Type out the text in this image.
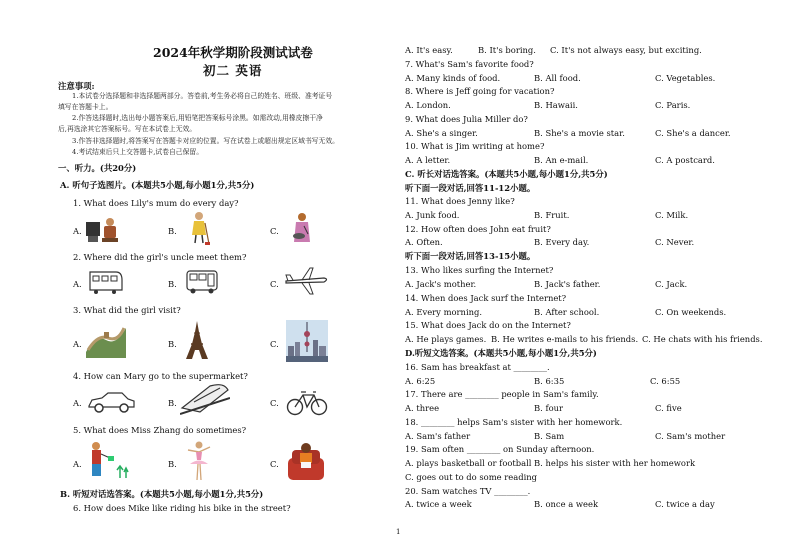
2024年秋学期阶段测试试卷
初二 英语
注意事项:
1.本试卷分选择题和非选择题两部分。答卷前,考生务必将自己的姓名、班级、准考证号
填写在答题卡上。
2.作答选择题时,选出每小题答案后,用铅笔把答案标号涂黑。如需改动,用橡皮擦干净
后,再选涂其它答案标号。写在本试卷上无效。
3.作答非选择题时,将答案写在答题卡对应的位置。写在试卷上或超出规定区域书写无效。
4.考试结束后只上交答题卡,试卷自己保留。
一、听力。(共20分)
A. 听句子选图片。(本题共5小题,每小题1分,共5分)
1. What does Lily's mum do every day?
A.	B.	C.
2. Where did the girl's uncle meet them?
A.	B.	C.
3. What did the girl visit?
A.	B.	C.
4. How can Mary go to the supermarket?
A.	B.	C.
5. What does Miss Zhang do sometimes?
A.	B.	C.
B. 听短对话选答案。(本题共5小题,每小题1分,共5分)
6. How does Mike like riding his bike in the street?
A. It's easy.	B. It's boring. C. It's not always easy, but exciting.
7. What's Sam's favorite food?
A. Many kinds of food.	B. All food.	C. Vegetables.
8. Where is Jeff going for vacation?
A. London.	B. Hawaii.	C. Paris.
9. What does Julia Miller do?
A. She's a singer.	B. She's a movie star.	C. She's a dancer.
10. What is Jim writing at home?
A. A letter.	B. An e-mail.	C. A postcard.
C. 听长对话选答案。(本题共5小题,每小题1分,共5分)
听下面一段对话,回答11-12小题。
11. What does Jenny like?
A. Junk food.	B. Fruit.	C. Milk.
12. How often does John eat fruit?
A. Often.	B. Every day.	C. Never.
听下面一段对话,回答13-15小题。
13. Who likes surfing the Internet?
A. Jack's mother.	B. Jack's father.	C. Jack.
14. When does Jack surf the Internet?
A. Every morning.	B. After school.	C. On weekends.
15. What does Jack do on the Internet?
A. He plays games. B. He writes e-mails to his friends. C. He chats with his friends.
D.听短文选答案。(本题共5小题,每小题1分,共5分)
16. Sam has breakfast at ________.
A. 6:25	B. 6:35	C. 6:55
17. There are ________ people in Sam's family.
A. three	B. four	C. five
18. ________ helps Sam's sister with her homework.
A. Sam's father	B. Sam	C. Sam's mother
19. Sam often ________ on Sunday afternoon.
A. plays basketball or football B. helps his sister with her homework
C. goes out to do some reading
20. Sam watches TV ________.
A. twice a week	B. once a week	C. twice a day
1
